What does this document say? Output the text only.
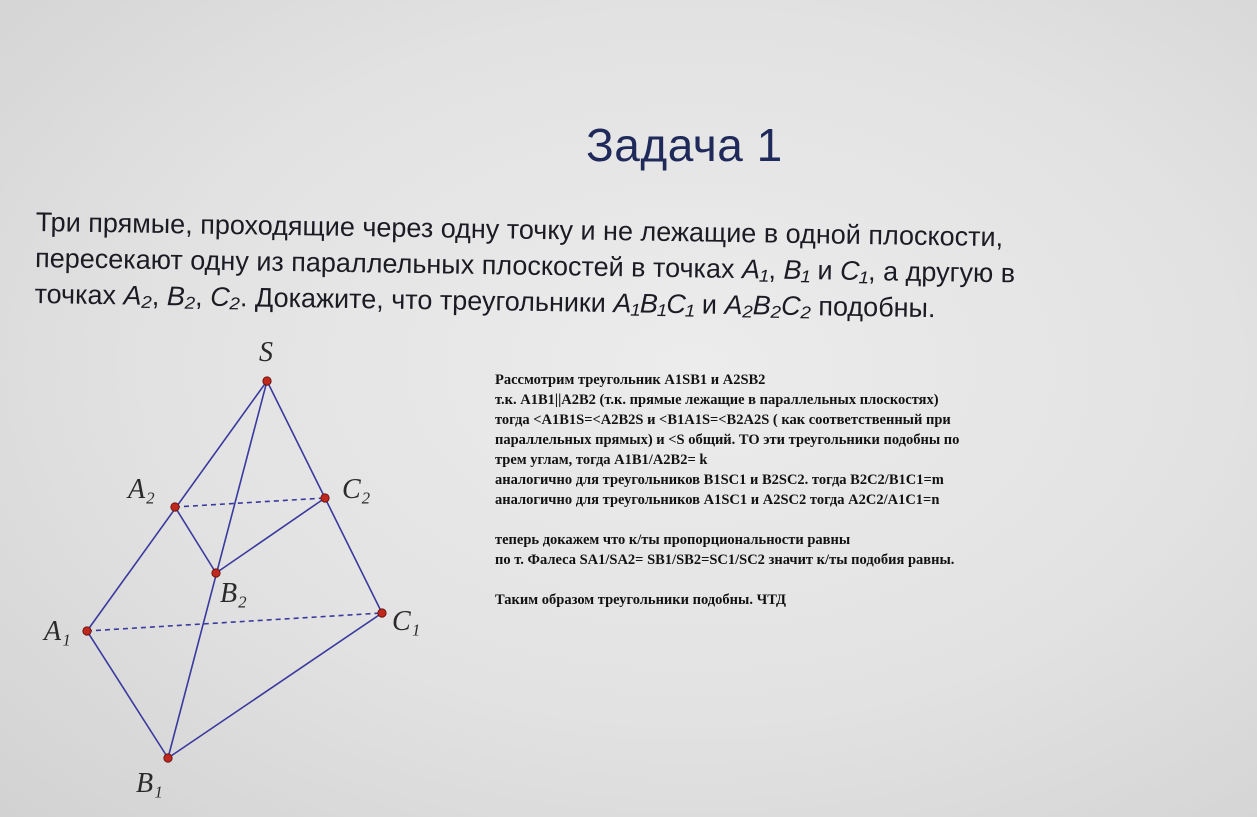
Задача 1
Три прямые, проходящие через одну точку и не лежащие в одной плоскости,
пересекают одну из параллельных плоскостей в точках A₁, B₁ и C₁, а другую в
точках A₂, B₂, C₂. Докажите, что треугольники A₁B₁C₁ и A₂B₂C₂ подобны.
S
A₂	C₂
B₂
A₁	C₁
B₁
Рассмотрим треугольник A1SB1 и A2SB2
т.к. A1B1||A2B2 (т.к. прямые лежащие в параллельных плоскостях)
тогда <A1B1S=<A2B2S и <B1A1S=<B2A2S ( как соответственный при
параллельных прямых) и <S общий. ТО эти треугольники подобны по
трем углам, тогда A1B1/A2B2= k
аналогично для треугольников B1SC1 и B2SC2. тогда B2C2/B1C1=m
аналогично для треугольников A1SC1 и A2SC2 тогда A2C2/A1C1=n
теперь докажем что к/ты пропорциональности равны
по т. Фалеса SA1/SA2= SB1/SB2=SC1/SC2 значит к/ты подобия равны.
Таким образом треугольники подобны. ЧТД
